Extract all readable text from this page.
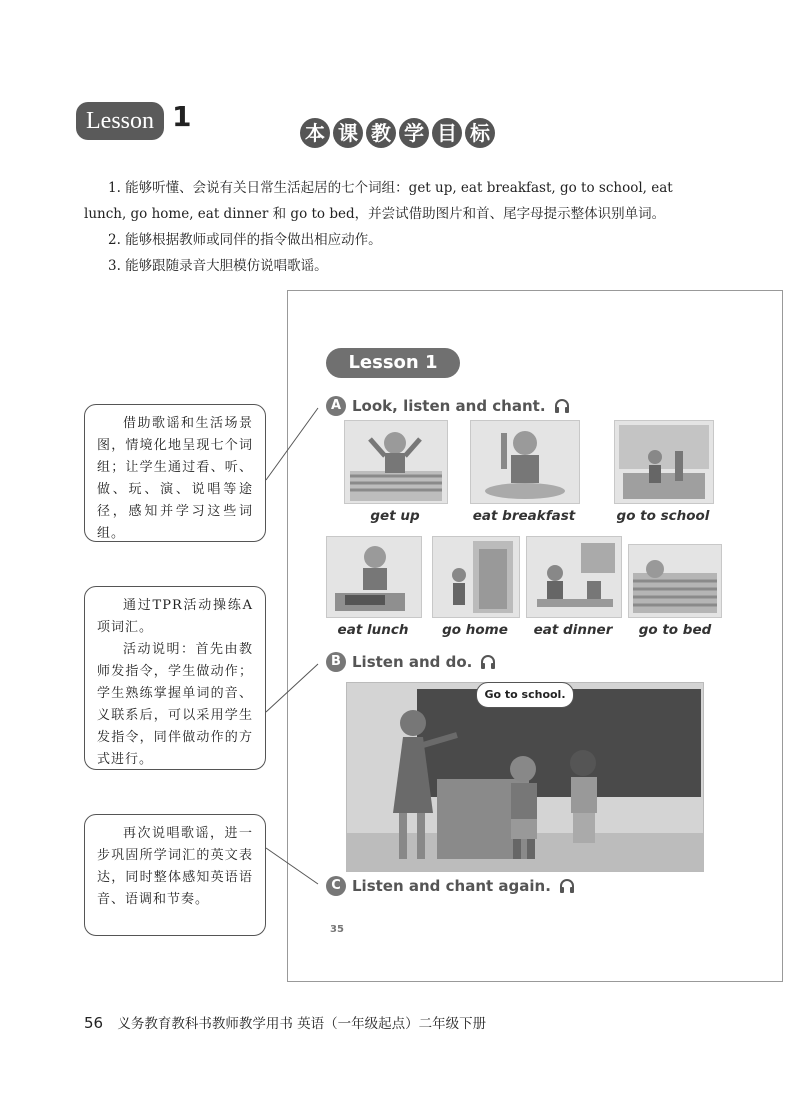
Lesson 1	本 课 教 学 目 标
1. 能够听懂、会说有关日常生活起居的七个词组：get up, eat breakfast, go to school, eat
lunch, go home, eat dinner 和 go to bed，并尝试借助图片和首、尾字母提示整体识别单词。
2. 能够根据教师或同伴的指令做出相应动作。
3. 能够跟随录音大胆模仿说唱歌谣。
Lesson 1
A Look, listen and chant.
get up	eat breakfast	go to school
eat lunch	go home	eat dinner	go to bed
B Listen and do.
Go to school.
C Listen and chant again.
35

借助歌谣和生活场景图，情境化地呈现七个词组；让学生通过看、听、做、玩、演、说唱等途径，感知并学习这些词组。

通过TPR活动操练A项词汇。

活动说明：首先由教师发指令，学生做动作；学生熟练掌握单词的音、义联系后，可以采用学生发指令，同伴做动作的方式进行。

再次说唱歌谣，进一步巩固所学词汇的英文表达，同时整体感知英语语音、语调和节奏。

56 义务教育教科书教师教学用书 英语（一年级起点）二年级下册
